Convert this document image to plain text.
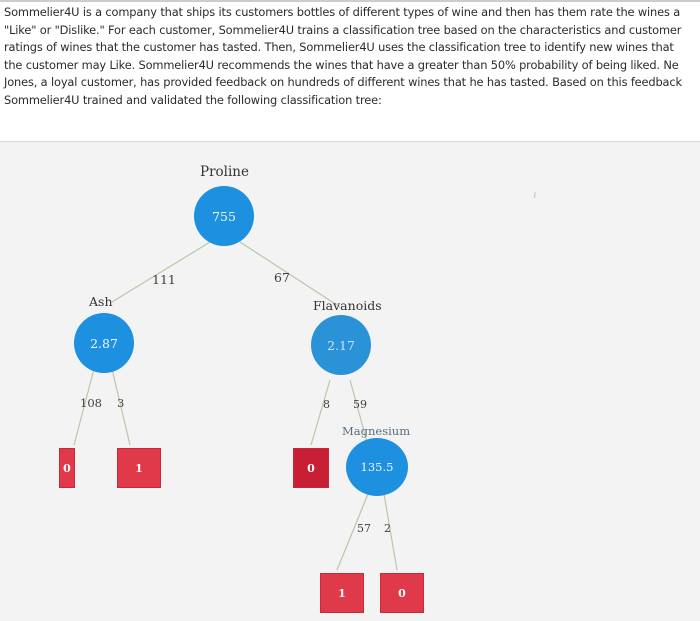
Sommelier4U is a company that ships its customers bottles of different types of wine and then has them rate the wines a
"Like" or "Dislike." For each customer, Sommelier4U trains a classification tree based on the characteristics and customer
ratings of wines that the customer has tasted. Then, Sommelier4U uses the classification tree to identify new wines that
the customer may Like. Sommelier4U recommends the wines that have a greater than 50% probability of being liked. Ne
Jones, a loyal customer, has provided feedback on hundreds of different wines that he has tasted. Based on this feedback
Sommelier4U trained and validated the following classification tree:
Proline
755
111	67
Ash
2.87
108 3
0	1
Flavanoids
2.17
8 59
0
Magnesium
135.5
57 2
1	0
≀
